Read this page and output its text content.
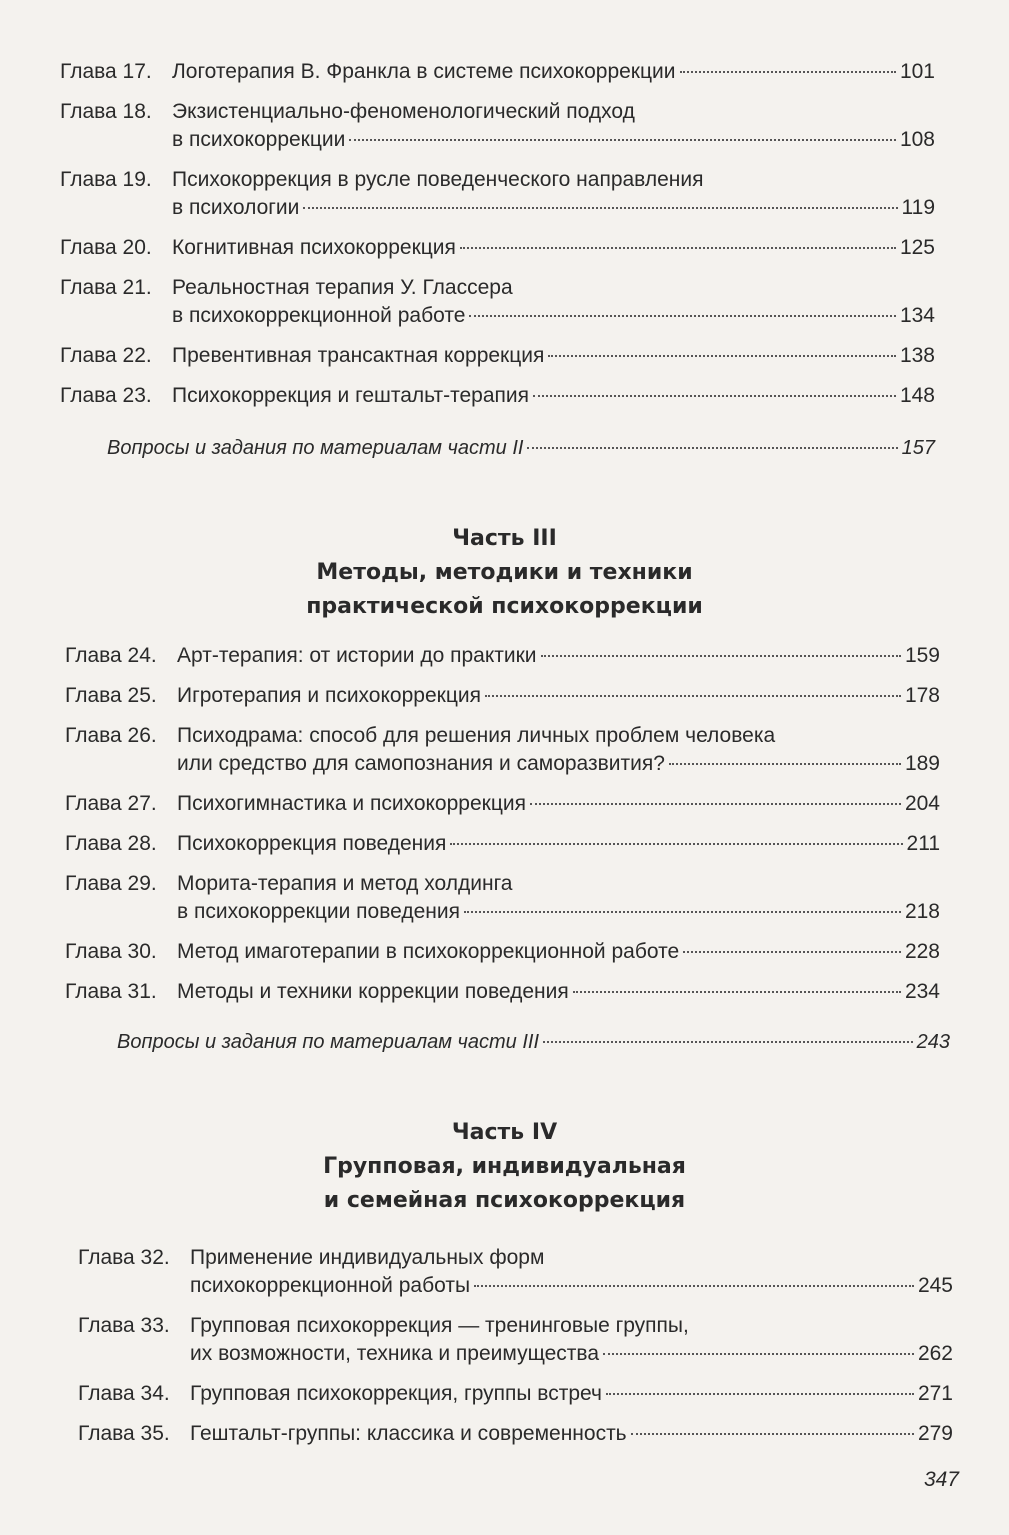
Глава 17. Логотерапия В. Франкла в системе психокоррекции	101
Глава 18. Экзистенциально-феноменологический подход
в психокоррекции	108
Глава 19. Психокоррекция в русле поведенческого направления
в психологии	119
Глава 20. Когнитивная психокоррекция	125
Глава 21. Реальностная терапия У. Глассера
в психокоррекционной работе	134
Глава 22. Превентивная трансактная коррекция	138
Глава 23. Психокоррекция и гештальт-терапия	148
Вопросы и задания по материалам части II	157
Часть III
Методы, методики и техники
практической психокоррекции
Глава 24. Арт-терапия: от истории до практики	159
Глава 25. Игротерапия и психокоррекция	178
Глава 26. Психодрама: способ для решения личных проблем человека
или средство для самопознания и саморазвития?	189
Глава 27. Психогимнастика и психокоррекция	204
Глава 28. Психокоррекция поведения	211
Глава 29. Морита-терапия и метод холдинга
в психокоррекции поведения	218
Глава 30. Метод имаготерапии в психокоррекционной работе	228
Глава 31. Методы и техники коррекции поведения	234
Вопросы и задания по материалам части III	243
Часть IV
Групповая, индивидуальная
и семейная психокоррекция
Глава 32. Применение индивидуальных форм
психокоррекционной работы	245
Глава 33. Групповая психокоррекция — тренинговые группы,
их возможности, техника и преимущества	262
Глава 34. Групповая психокоррекция, группы встреч	271
Глава 35. Гештальт-группы: классика и современность	279
347
